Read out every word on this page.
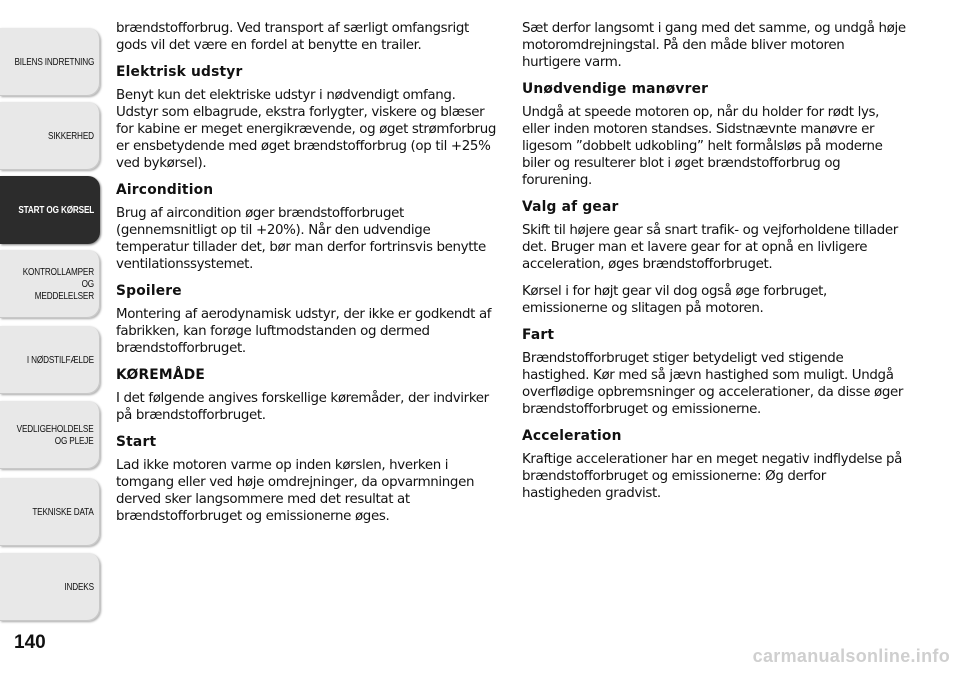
BILENS INDRETNING
SIKKERHED
START OG KØRSEL
KONTROLLAMPER
OG MEDDELELSER
I NØDSTILFÆLDE
VEDLIGEHOLDELSE
OG PLEJE
TEKNISKE DATA
INDEKS
140

brændstofforbrug. Ved transport af særligt omfangsrigt gods vil det være en fordel at benytte en trailer.

Elektrisk udstyr

Benyt kun det elektriske udstyr i nødvendigt omfang. Udstyr som elbagrude, ekstra forlygter, viskere og blæser for kabine er meget energikrævende, og øget strømforbrug er ensbetydende med øget brændstofforbrug (op til +25% ved bykørsel).

Aircondition

Brug af aircondition øger brændstofforbruget (gennemsnitligt op til +20%). Når den udvendige temperatur tillader det, bør man derfor fortrinsvis benytte ventilationssystemet.

Spoilere

Montering af aerodynamisk udstyr, der ikke er godkendt af fabrikken, kan forøge luftmodstanden og dermed brændstofforbruget.

KØREMÅDE

I det følgende angives forskellige køremåder, der indvirker på brændstofforbruget.

Start

Lad ikke motoren varme op inden kørslen, hverken i tomgang eller ved høje omdrejninger, da opvarmningen derved sker langsommere med det resultat at brændstofforbruget og emissionerne øges.

Sæt derfor langsomt i gang med det samme, og undgå høje motoromdrejningstal. På den måde bliver motoren hurtigere varm.

Unødvendige manøvrer

Undgå at speede motoren op, når du holder for rødt lys, eller inden motoren standses. Sidstnævnte manøvre er ligesom ”dobbelt udkobling” helt formålsløs på moderne biler og resulterer blot i øget brændstofforbrug og forurening.

Valg af gear

Skift til højere gear så snart trafik- og vejforholdene tillader det. Bruger man et lavere gear for at opnå en livligere acceleration, øges brændstofforbruget.

Kørsel i for højt gear vil dog også øge forbruget, emissionerne og slitagen på motoren.

Fart

Brændstofforbruget stiger betydeligt ved stigende hastighed. Kør med så jævn hastighed som muligt. Undgå overflødige opbremsninger og accelerationer, da disse øger brændstofforbruget og emissionerne.

Acceleration

Kraftige accelerationer har en meget negativ indflydelse på brændstofforbruget og emissionerne: Øg derfor hastigheden gradvist.

carmanualsonline.info
